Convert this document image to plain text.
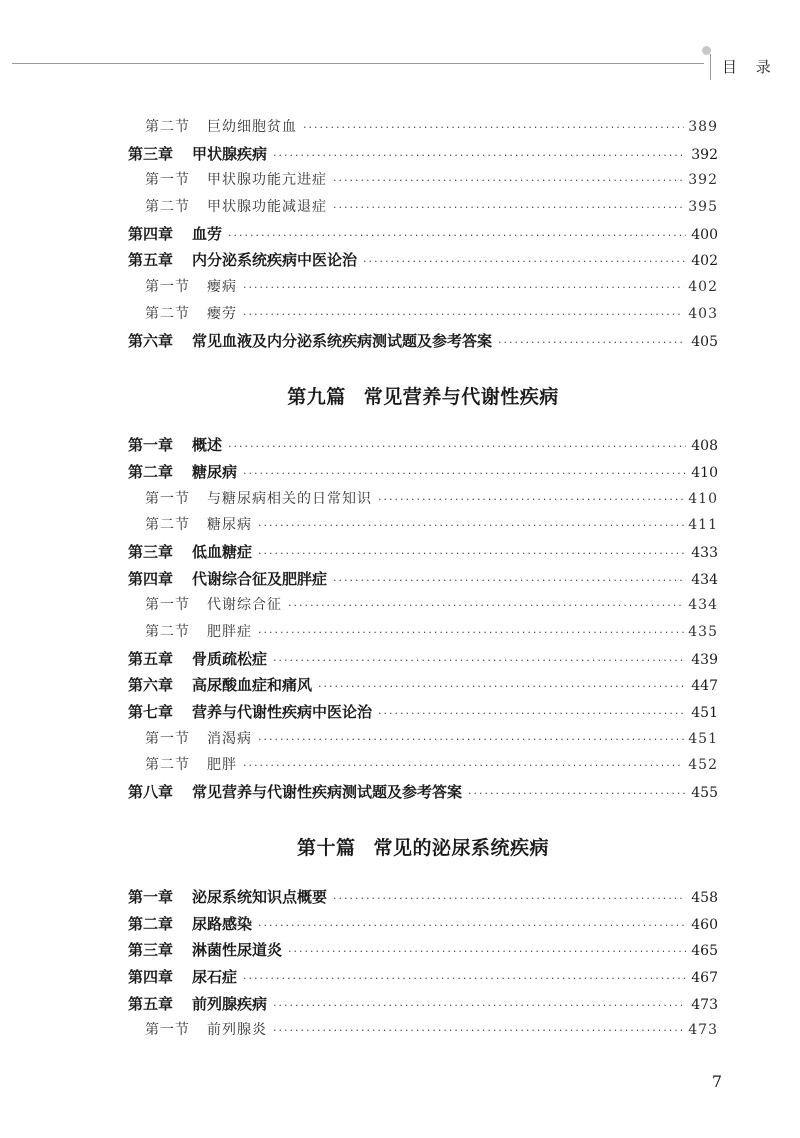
目 录
第二节	巨幼细胞贫血 ·····	389
第三章	甲状腺疾病 ·····	392
第一节	甲状腺功能亢进症 ·····	392
第二节	甲状腺功能减退症 ·····	395
第四章	血劳 ·····	400
第五章	内分泌系统疾病中医论治 ·····	402
第一节	瘿病 ·····	402
第二节	瘿劳 ·····	403
第六章	常见血液及内分泌系统疾病测试题及参考答案 ·····	405
第九篇 常见营养与代谢性疾病
第一章	概述 ·····	408
第二章	糖尿病 ·····	410
第一节	与糖尿病相关的日常知识 ·····	410
第二节	糖尿病 ·····	411
第三章	低血糖症 ·····	433
第四章	代谢综合征及肥胖症 ·····	434
第一节	代谢综合征 ·····	434
第二节	肥胖症 ·····	435
第五章	骨质疏松症 ·····	439
第六章	高尿酸血症和痛风 ·····	447
第七章	营养与代谢性疾病中医论治 ·····	451
第一节	消渴病 ·····	451
第二节	肥胖 ·····	452
第八章	常见营养与代谢性疾病测试题及参考答案 ·····	455
第十篇 常见的泌尿系统疾病
第一章	泌尿系统知识点概要 ·····	458
第二章	尿路感染 ·····	460
第三章	淋菌性尿道炎 ·····	465
第四章	尿石症 ·····	467
第五章	前列腺疾病 ·····	473
第一节	前列腺炎 ·····	473
7
